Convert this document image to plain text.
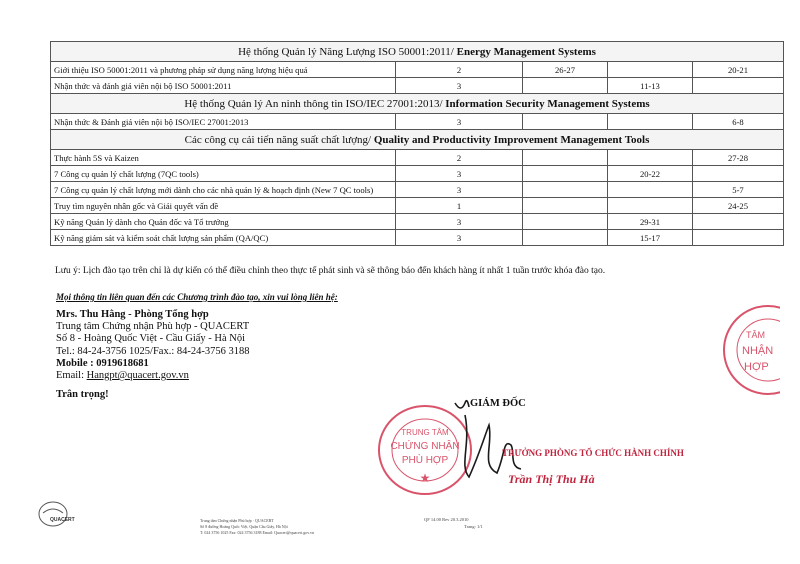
Hệ thống Quản lý Năng Lượng ISO 50001:2011/ Energy Management Systems				
Giới thiệu ISO 50001:2011 và phương pháp sử dụng năng lượng hiệu quả	2	26-27		20-21
Nhận thức và đánh giá viên nội bộ ISO 50001:2011	3		11-13	
Hệ thống Quản lý An ninh thông tin ISO/IEC 27001:2013/ Information Security Management Systems				
Nhận thức & Đánh giá viên nội bộ ISO/IEC 27001:2013	3			6-8
Các công cụ cải tiến năng suất chất lượng/ Quality and Productivity Improvement Management Tools				
Thực hành 5S và Kaizen	2			27-28
7 Công cụ quản lý chất lượng (7QC tools)	3		20-22	
7 Công cụ quản lý chất lượng mới dành cho các nhà quản lý & hoạch định (New 7 QC tools)	3			5-7
Truy tìm nguyên nhân gốc và Giải quyết vấn đề	1			24-25
Kỹ năng Quản lý dành cho Quản đốc và Tổ trưởng	3		29-31	
Kỹ năng giám sát và kiểm soát chất lượng sản phẩm (QA/QC)	3		15-17	
Lưu ý: Lịch đào tạo trên chỉ là dự kiến có thể điều chỉnh theo thực tế phát sinh và sẽ thông báo đến khách hàng ít nhất 1 tuần trước khóa đào tạo.
Mọi thông tin liên quan đến các Chương trình đào tạo, xin vui lòng liên hệ:
Mrs. Thu Hằng - Phòng Tổng hợp
Trung tâm Chứng nhận Phù hợp - QUACERT
Số 8 - Hoàng Quốc Việt - Cầu Giấy - Hà Nội
Tel.: 84-24-3756 1025/Fax.: 84-24-3756 3188
Mobile : 0919618681
Email: Hangpt@quacert.gov.vn
Trân trọng!
TRUNG TÂM
CHỨNG NHẬN
PHÙ HỢP
★
TÂM
NHẬN
HỢP
GIÁM ĐỐC
TRƯỞNG PHÒNG TỔ CHỨC HÀNH CHÍNH
Trần Thị Thu Hà
QUACERT	Trung tâm Chứng nhận Phù hợp · QUACERT
Số 8 đường Hoàng Quốc Việt, Quận Cầu Giấy, Hà Nội
T: 024 3756 1025 Fax: 024 3756 3188 Email: Quacert@quacert.gov.vn
QF 14.00 Rev 20.3.2010
Trang: 1/1
